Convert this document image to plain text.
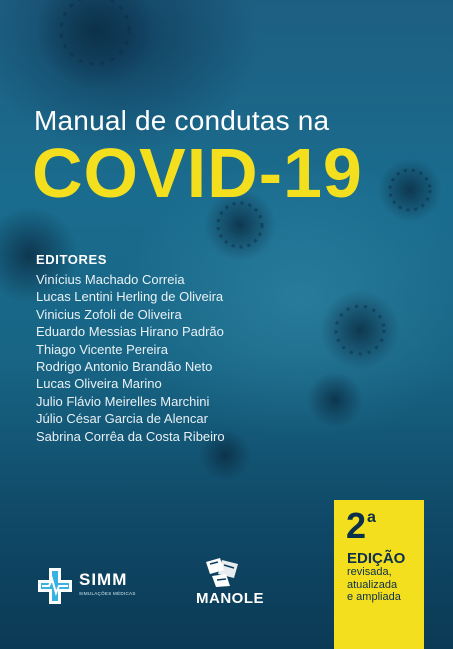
Manual de condutas na
COVID-19
EDITORES
Vinícius Machado Correia
Lucas Lentini Herling de Oliveira
Vinicius Zofoli de Oliveira
Eduardo Messias Hirano Padrão
Thiago Vicente Pereira
Rodrigo Antonio Brandão Neto
Lucas Oliveira Marino
Julio Flávio Meirelles Marchini
Júlio César Garcia de Alencar
Sabrina Corrêa da Costa Ribeiro
2$^a$
EDIÇÃO
revisada,
atualizada
e ampliada
SIMM
SIMULAÇÕES MÉDICAS	MANOLE
